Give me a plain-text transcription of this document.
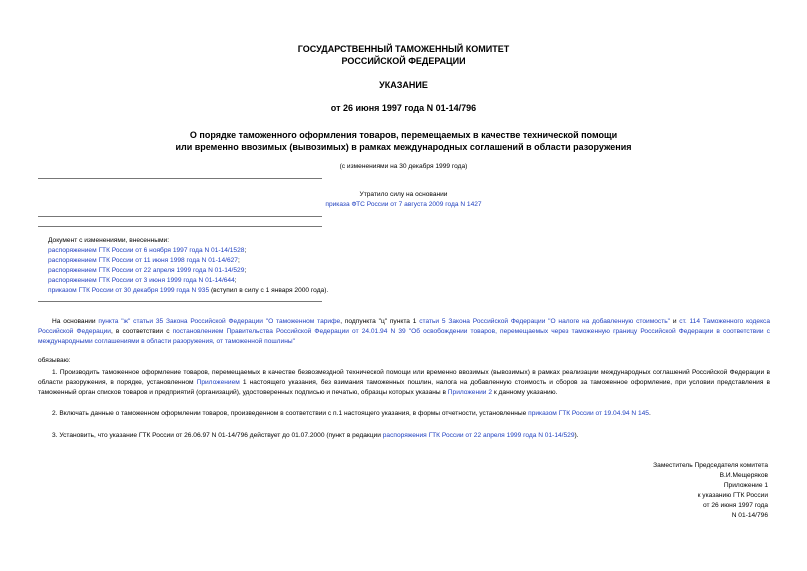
ГОСУДАРСТВЕННЫЙ ТАМОЖЕННЫЙ КОМИТЕТ
РОССИЙСКОЙ ФЕДЕРАЦИИ
УКАЗАНИЕ
от 26 июня 1997 года N 01-14/796
О порядке таможенного оформления товаров, перемещаемых в качестве технической помощи
или временно ввозимых (вывозимых) в рамках международных соглашений в области разоружения
(с изменениями на 30 декабря 1999 года)
Утратило силу на основании
приказа ФТС России от 7 августа 2009 года N 1427
Документ с изменениями, внесенными:
распоряжением ГТК России от 6 ноября 1997 года N 01-14/1528;
распоряжением ГТК России от 11 июня 1998 года N 01-14/627;
распоряжением ГТК России от 22 апреля 1999 года N 01-14/529;
распоряжением ГТК России от 3 июня 1999 года N 01-14/644;
приказом ГТК России от 30 декабря 1999 года N 935 (вступил в силу с 1 января 2000 года).
На основании пункта "ж" статьи 35 Закона Российской Федерации "О таможенном тарифе, подпункта "ц" пункта 1 статьи 5 Закона Российской Федерации "О налоге на добавленную стоимость" и ст. 114 Таможенного кодекса Российской Федерации, в соответствии с постановлением Правительства Российской Федерации от 24.01.94 N 39 "Об освобождении товаров, перемещаемых через таможенную границу Российской Федерации в соответствии с международными соглашениями в области разоружения, от таможенной пошлины"
обязываю:
1. Производить таможенное оформление товаров, перемещаемых в качестве безвозмездной технической помощи или временно ввозимых (вывозимых) в рамках реализации международных соглашений Российской Федерации в области разоружения, в порядке, установленном Приложением 1 настоящего указания, без взимания таможенных пошлин, налога на добавленную стоимость и сборов за таможенное оформление, при условии представления в таможенный орган списков товаров и предприятий (организаций), удостоверенных подписью и печатью, образцы которых указаны в Приложении 2 к данному указанию.
2. Включать данные о таможенном оформлении товаров, произведенном в соответствии с п.1 настоящего указания, в формы отчетности, установленные приказом ГТК России от 19.04.94 N 145.
3. Установить, что указание ГТК России от 26.06.97 N 01-14/796 действует до 01.07.2000 (пункт в редакции распоряжения ГТК России от 22 апреля 1999 года N 01-14/529).
Заместитель Председателя комитета
В.И.Мещеряков
Приложение 1
к указанию ГТК России
от 26 июня 1997 года
N 01-14/796
